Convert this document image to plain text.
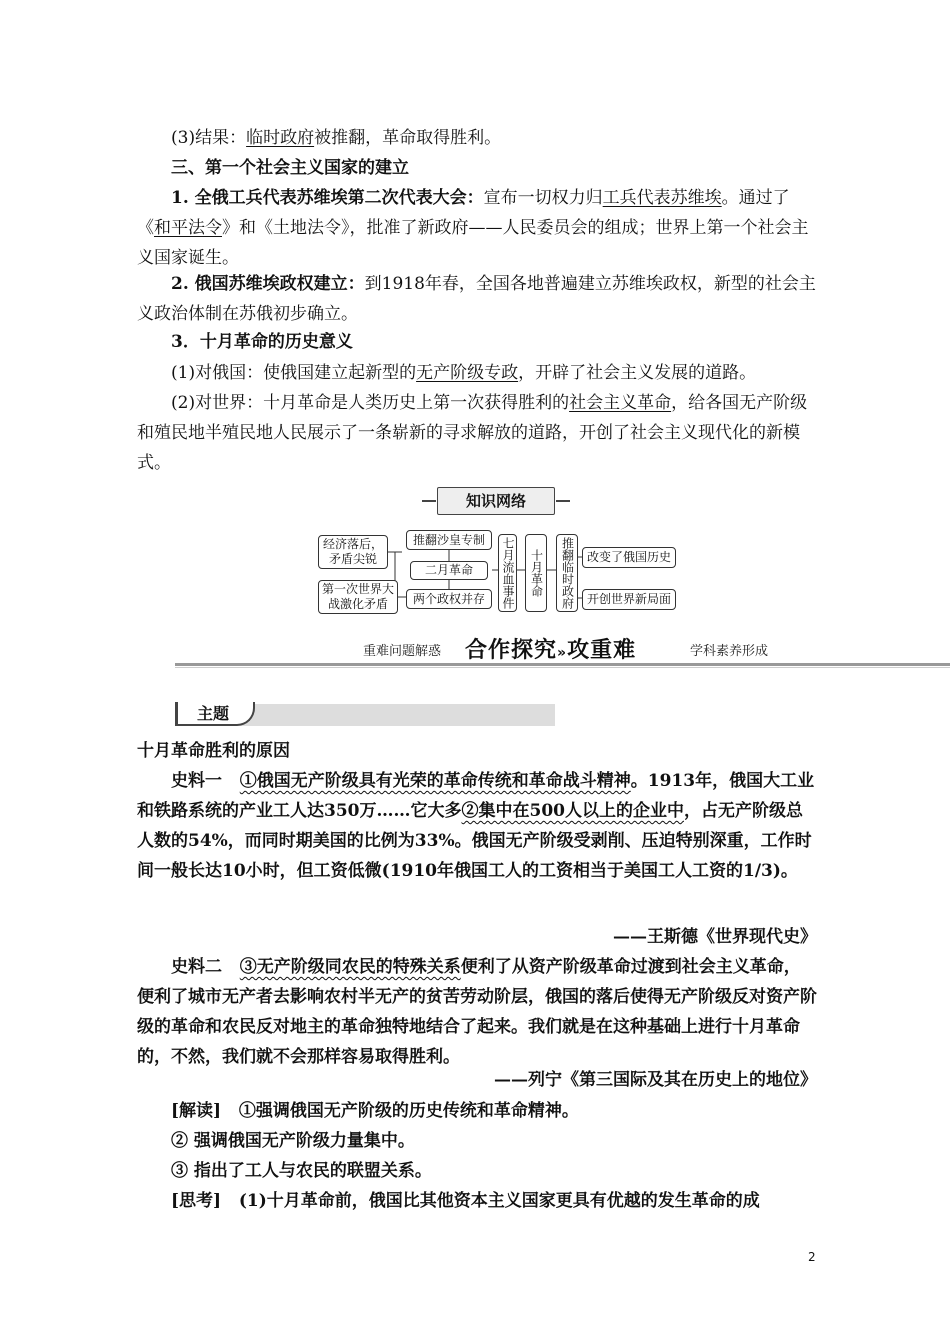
(3)结果：临时政府被推翻，革命取得胜利。

三、第一个社会主义国家的建立

1. 全俄工兵代表苏维埃第二次代表大会：宣布一切权力归工兵代表苏维埃。通过了《和平法令》和《土地法令》，批准了新政府——人民委员会的组成；世界上第一个社会主义国家诞生。

2. 俄国苏维埃政权建立：到1918年春，全国各地普遍建立苏维埃政权，新型的社会主义政治体制在苏俄初步确立。

3．十月革命的历史意义

(1)对俄国：使俄国建立起新型的无产阶级专政，开辟了社会主义发展的道路。

(2)对世界：十月革命是人类历史上第一次获得胜利的社会主义革命，给各国无产阶级和殖民地半殖民地人民展示了一条崭新的寻求解放的道路，开创了社会主义现代化的新模式。

知识网络
经济落后，矛盾尖锐
第一次世界大战激化矛盾
推翻沙皇专制
二月革命
两个政权并存	七月流血事件	十月革命	推翻临时政府	改变了俄国历史
开创世界新局面
重难问题解惑 合作探究»攻重难	学科素养形成
主题

十月革命胜利的原因

史料一 ①俄国无产阶级具有光荣的革命传统和革命战斗精神。1913年，俄国大工业和铁路系统的产业工人达350万……它大多②集中在500人以上的企业中，占无产阶级总人数的54%，而同时期美国的比例为33%。俄国无产阶级受剥削、压迫特别深重，工作时间一般长达10小时，但工资低微(1910年俄国工人的工资相当于美国工人工资的1/3)。

——王斯德《世界现代史》

史料二 ③无产阶级同农民的特殊关系便利了从资产阶级革命过渡到社会主义革命，便利了城市无产者去影响农村半无产的贫苦劳动阶层，俄国的落后使得无产阶级反对资产阶级的革命和农民反对地主的革命独特地结合了起来。我们就是在这种基础上进行十月革命的，不然，我们就不会那样容易取得胜利。

——列宁《第三国际及其在历史上的地位》

[解读] ①强调俄国无产阶级的历史传统和革命精神。

② 强调俄国无产阶级力量集中。

③ 指出了工人与农民的联盟关系。

[思考] (1)十月革命前，俄国比其他资本主义国家更具有优越的发生革命的成

2
